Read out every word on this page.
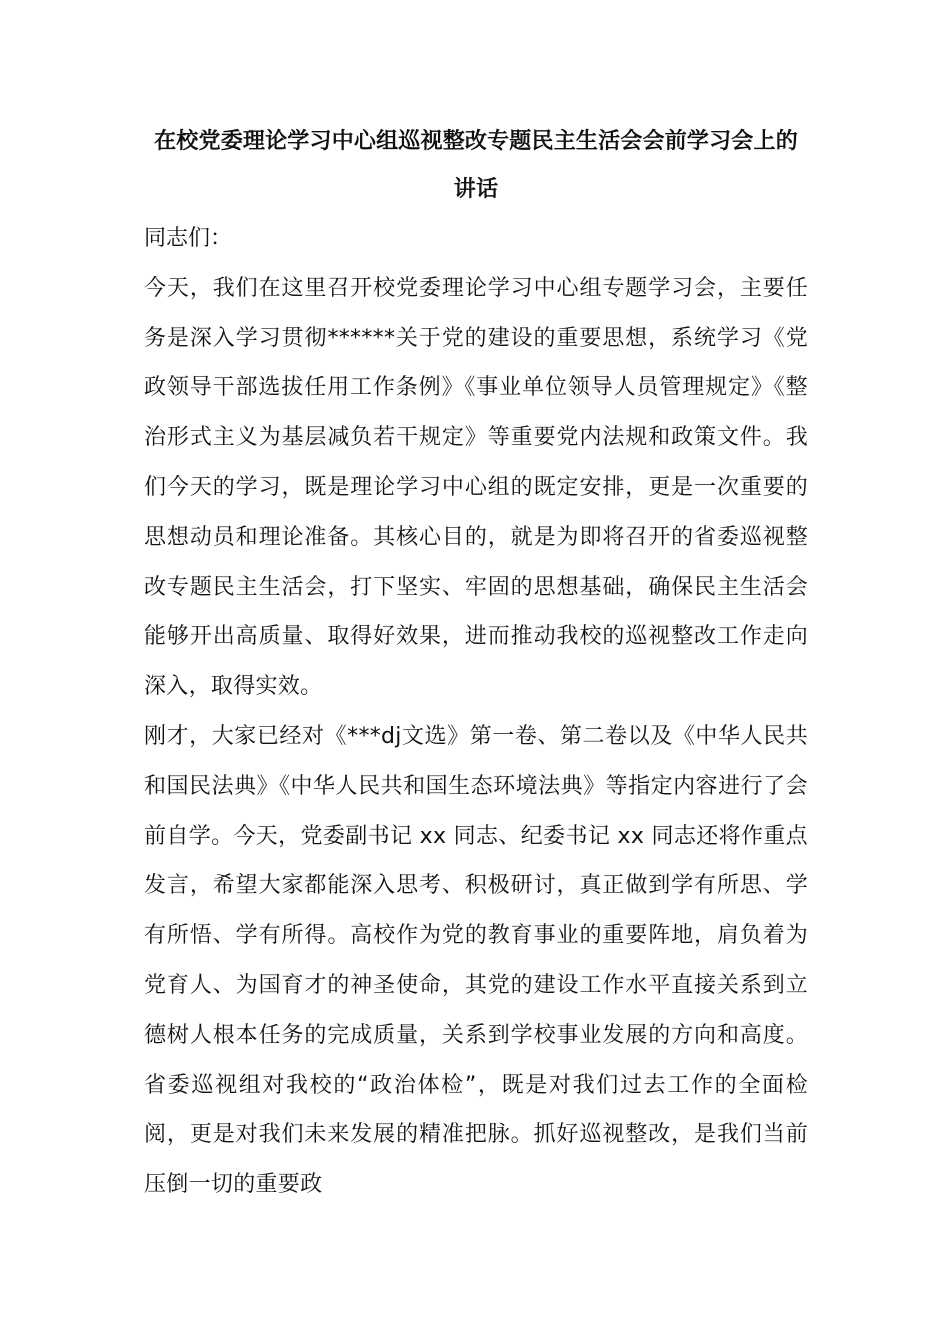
在校党委理论学习中心组巡视整改专题民主生活会会前学习会上的讲话

同志们：

今天，我们在这里召开校党委理论学习中心组专题学习会，主要任务是深入学习贯彻******关于党的建设的重要思想，系统学习《党政领导干部选拔任用工作条例》《事业单位领导人员管理规定》《整治形式主义为基层减负若干规定》等重要党内法规和政策文件。我们今天的学习，既是理论学习中心组的既定安排，更是一次重要的思想动员和理论准备。其核心目的，就是为即将召开的省委巡视整改专题民主生活会，打下坚实、牢固的思想基础，确保民主生活会能够开出高质量、取得好效果，进而推动我校的巡视整改工作走向深入，取得实效。

刚才，大家已经对《***dj文选》第一卷、第二卷以及《中华人民共和国民法典》《中华人民共和国生态环境法典》等指定内容进行了会前自学。今天，党委副书记 xx 同志、纪委书记 xx 同志还将作重点发言，希望大家都能深入思考、积极研讨，真正做到学有所思、学有所悟、学有所得。高校作为党的教育事业的重要阵地，肩负着为党育人、为国育才的神圣使命，其党的建设工作水平直接关系到立德树人根本任务的完成质量，关系到学校事业发展的方向和高度。省委巡视组对我校的“政治体检”，既是对我们过去工作的全面检阅，更是对我们未来发展的精准把脉。抓好巡视整改，是我们当前压倒一切的重要政
